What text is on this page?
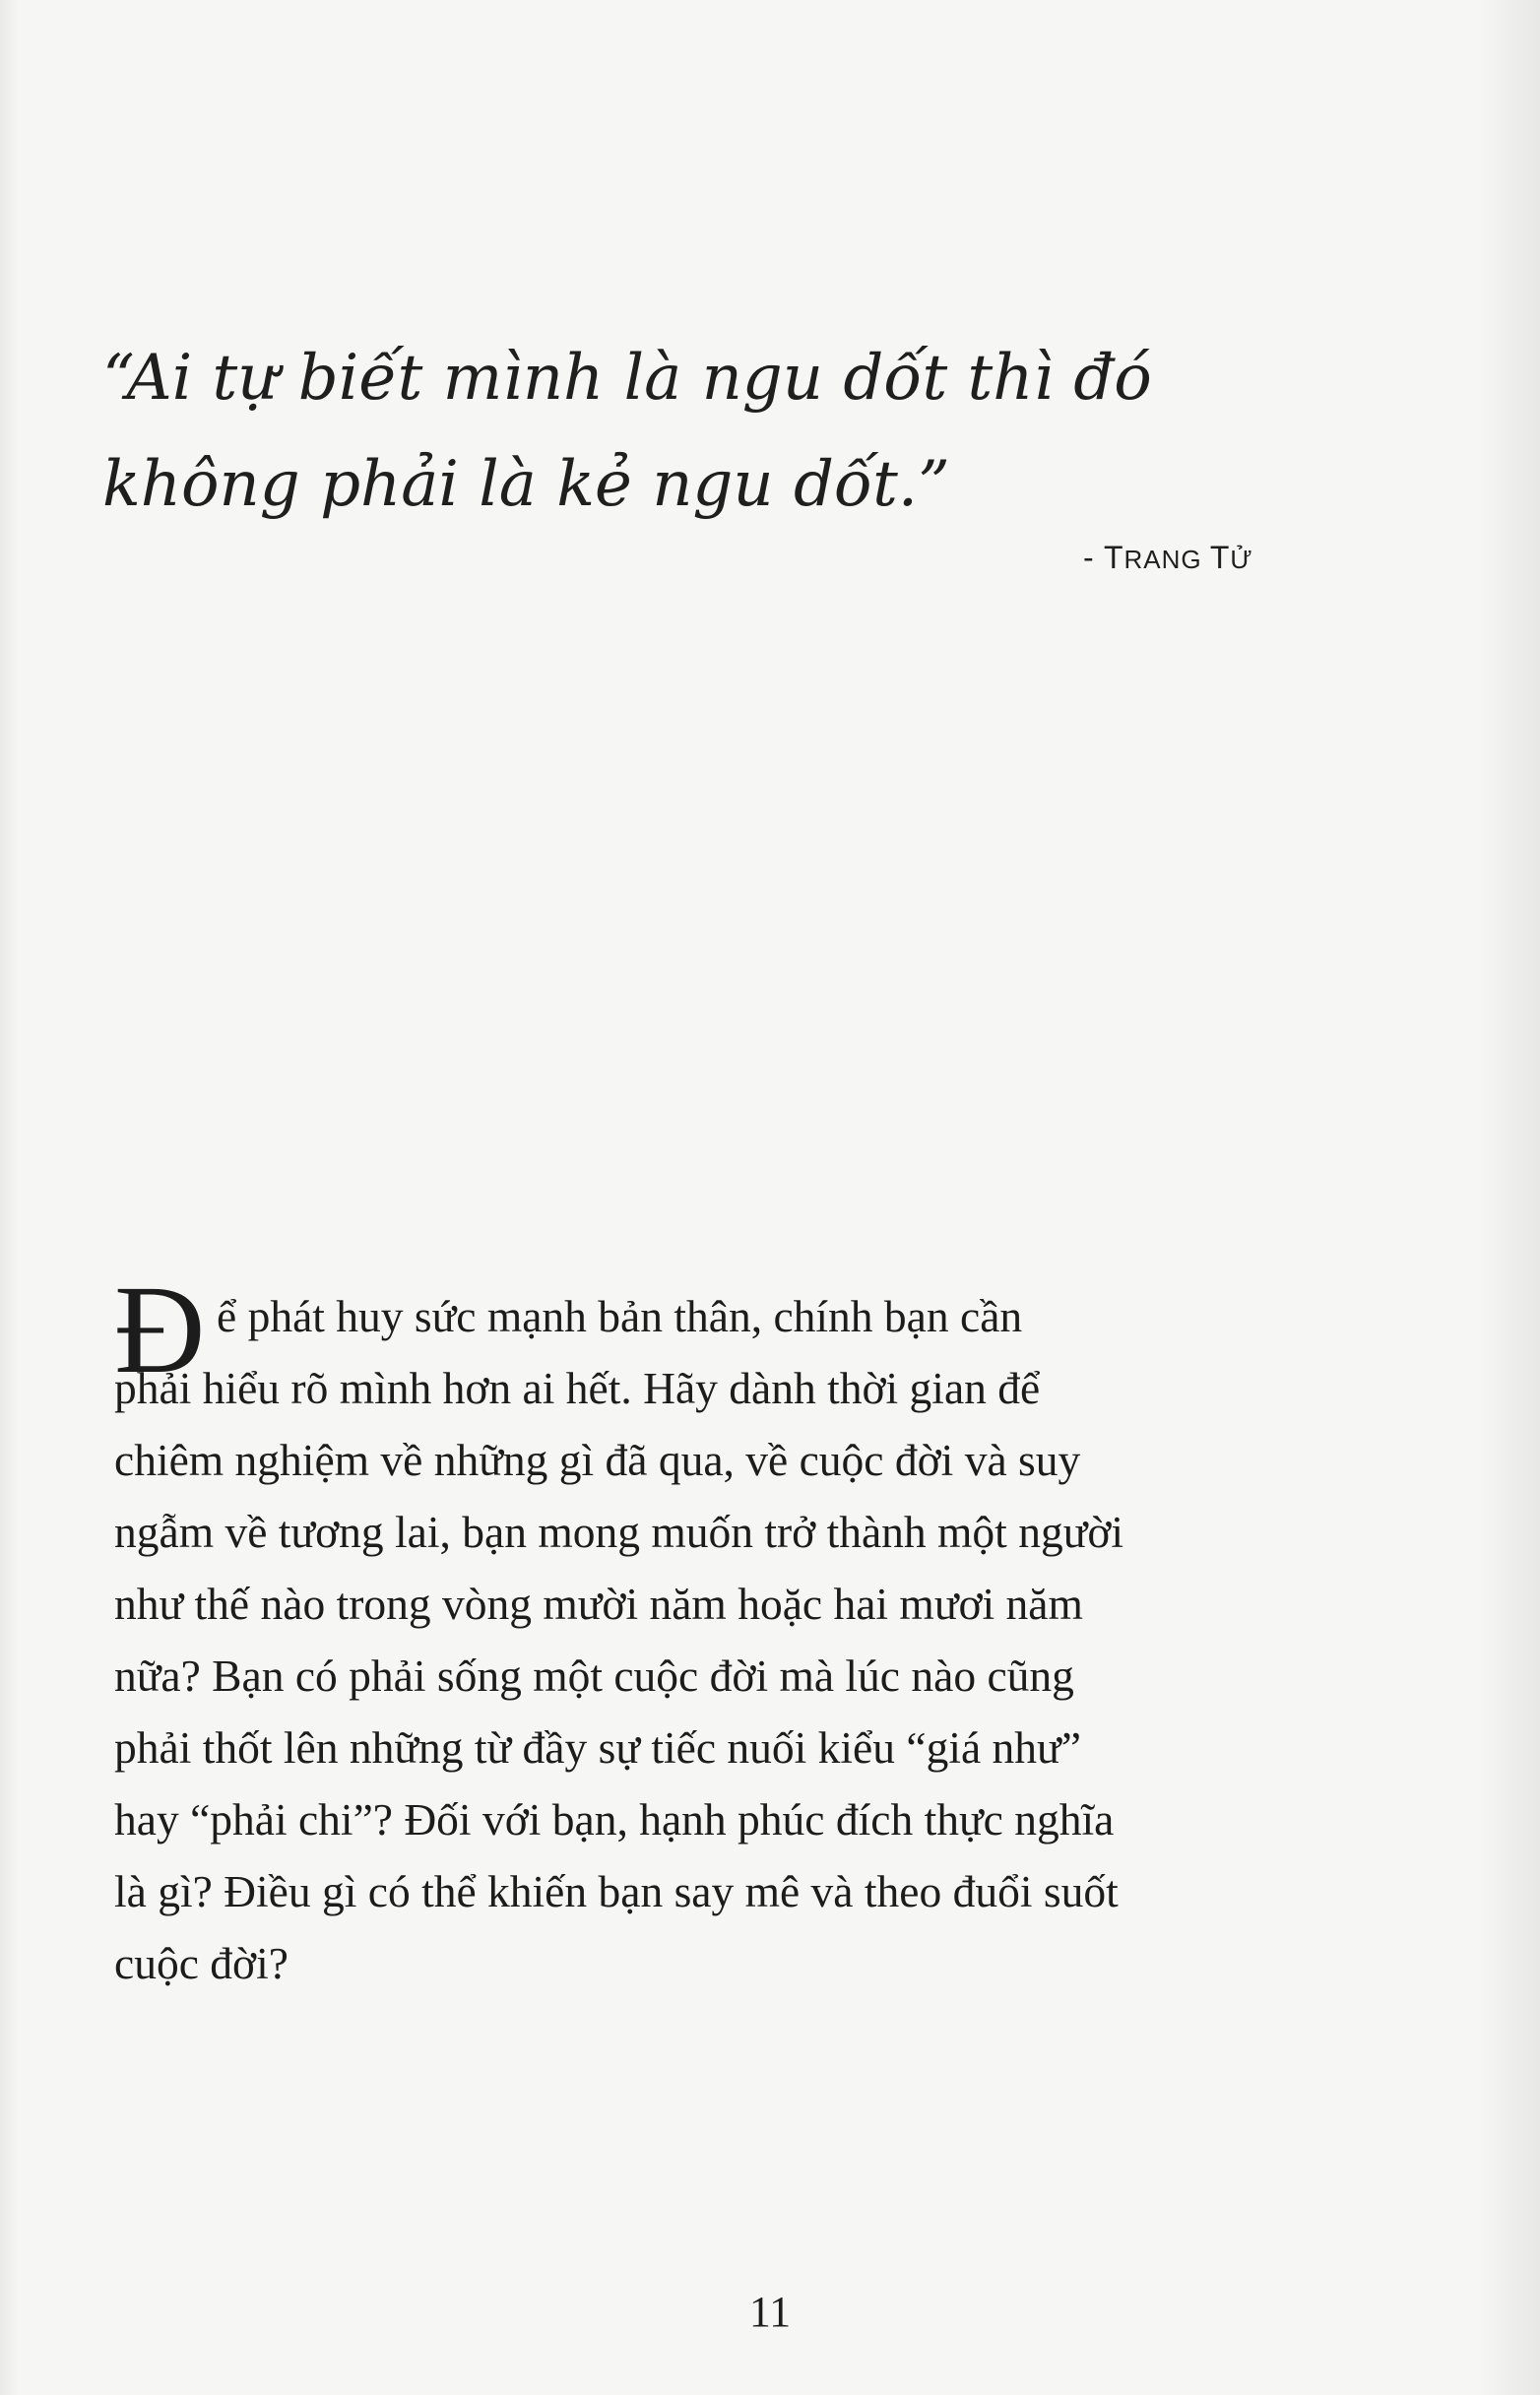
“Ai tự biết mình là ngu dốt thì đó
không phải là kẻ ngu dốt.”
- TRANG TỬ
Đ ể phát huy sức mạnh bản thân, chính bạn cần
phải hiểu rõ mình hơn ai hết. Hãy dành thời gian để
chiêm nghiệm về những gì đã qua, về cuộc đời và suy
ngẫm về tương lai, bạn mong muốn trở thành một người
như thế nào trong vòng mười năm hoặc hai mươi năm
nữa? Bạn có phải sống một cuộc đời mà lúc nào cũng
phải thốt lên những từ đầy sự tiếc nuối kiểu “giá như”
hay “phải chi”? Đối với bạn, hạnh phúc đích thực nghĩa
là gì? Điều gì có thể khiến bạn say mê và theo đuổi suốt
cuộc đời?
11
